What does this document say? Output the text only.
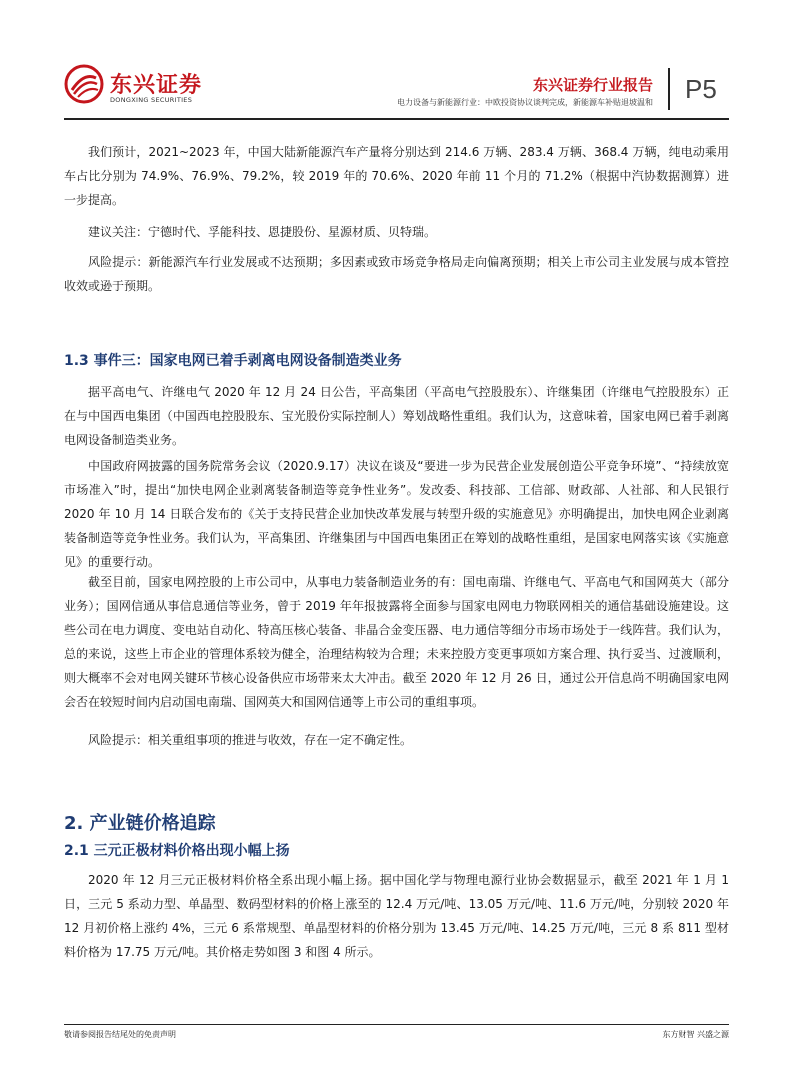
东兴证券
DONGXING SECURITIES
东兴证券行业报告
电力设备与新能源行业：中欧投资协议谈判完成，新能源车补贴退坡温和 P5

我们预计，2021~2023 年，中国大陆新能源汽车产量将分别达到 214.6 万辆、283.4 万辆、368.4 万辆，纯电动乘用车占比分别为 74.9%、76.9%、79.2%，较 2019 年的 70.6%、2020 年前 11 个月的 71.2%（根据中汽协数据测算）进一步提高。

建议关注：宁德时代、孚能科技、恩捷股份、星源材质、贝特瑞。

风险提示：新能源汽车行业发展或不达预期；多因素或致市场竞争格局走向偏离预期；相关上市公司主业发展与成本管控收效或逊于预期。

1.3 事件三：国家电网已着手剥离电网设备制造类业务

据平高电气、许继电气 2020 年 12 月 24 日公告，平高集团（平高电气控股股东）、许继集团（许继电气控股股东）正在与中国西电集团（中国西电控股股东、宝光股份实际控制人）筹划战略性重组。我们认为，这意味着，国家电网已着手剥离电网设备制造类业务。

中国政府网披露的国务院常务会议（2020.9.17）决议在谈及“要进一步为民营企业发展创造公平竞争环境”、“持续放宽市场准入”时，提出“加快电网企业剥离装备制造等竞争性业务”。发改委、科技部、工信部、财政部、人社部、和人民银行 2020 年 10 月 14 日联合发布的《关于支持民营企业加快改革发展与转型升级的实施意见》亦明确提出，加快电网企业剥离装备制造等竞争性业务。我们认为，平高集团、许继集团与中国西电集团正在筹划的战略性重组，是国家电网落实该《实施意见》的重要行动。

截至目前，国家电网控股的上市公司中，从事电力装备制造业务的有：国电南瑞、许继电气、平高电气和国网英大（部分业务）；国网信通从事信息通信等业务，曾于 2019 年年报披露将全面参与国家电网电力物联网相关的通信基础设施建设。这些公司在电力调度、变电站自动化、特高压核心装备、非晶合金变压器、电力通信等细分市场市场处于一线阵营。我们认为，总的来说，这些上市企业的管理体系较为健全，治理结构较为合理；未来控股方变更事项如方案合理、执行妥当、过渡顺利，则大概率不会对电网关键环节核心设备供应市场带来太大冲击。截至 2020 年 12 月 26 日，通过公开信息尚不明确国家电网会否在较短时间内启动国电南瑞、国网英大和国网信通等上市公司的重组事项。

风险提示：相关重组事项的推进与收效，存在一定不确定性。

2. 产业链价格追踪
2.1 三元正极材料价格出现小幅上扬

2020 年 12 月三元正极材料价格全系出现小幅上扬。据中国化学与物理电源行业协会数据显示，截至 2021 年 1 月 1 日，三元 5 系动力型、单晶型、数码型材料的价格上涨至的 12.4 万元/吨、13.05 万元/吨、11.6 万元/吨，分别较 2020 年 12 月初价格上涨约 4%，三元 6 系常规型、单晶型材料的价格分别为 13.45 万元/吨、14.25 万元/吨，三元 8 系 811 型材料价格为 17.75 万元/吨。其价格走势如图 3 和图 4 所示。

敬请参阅报告结尾处的免责声明	东方财智 兴盛之源
